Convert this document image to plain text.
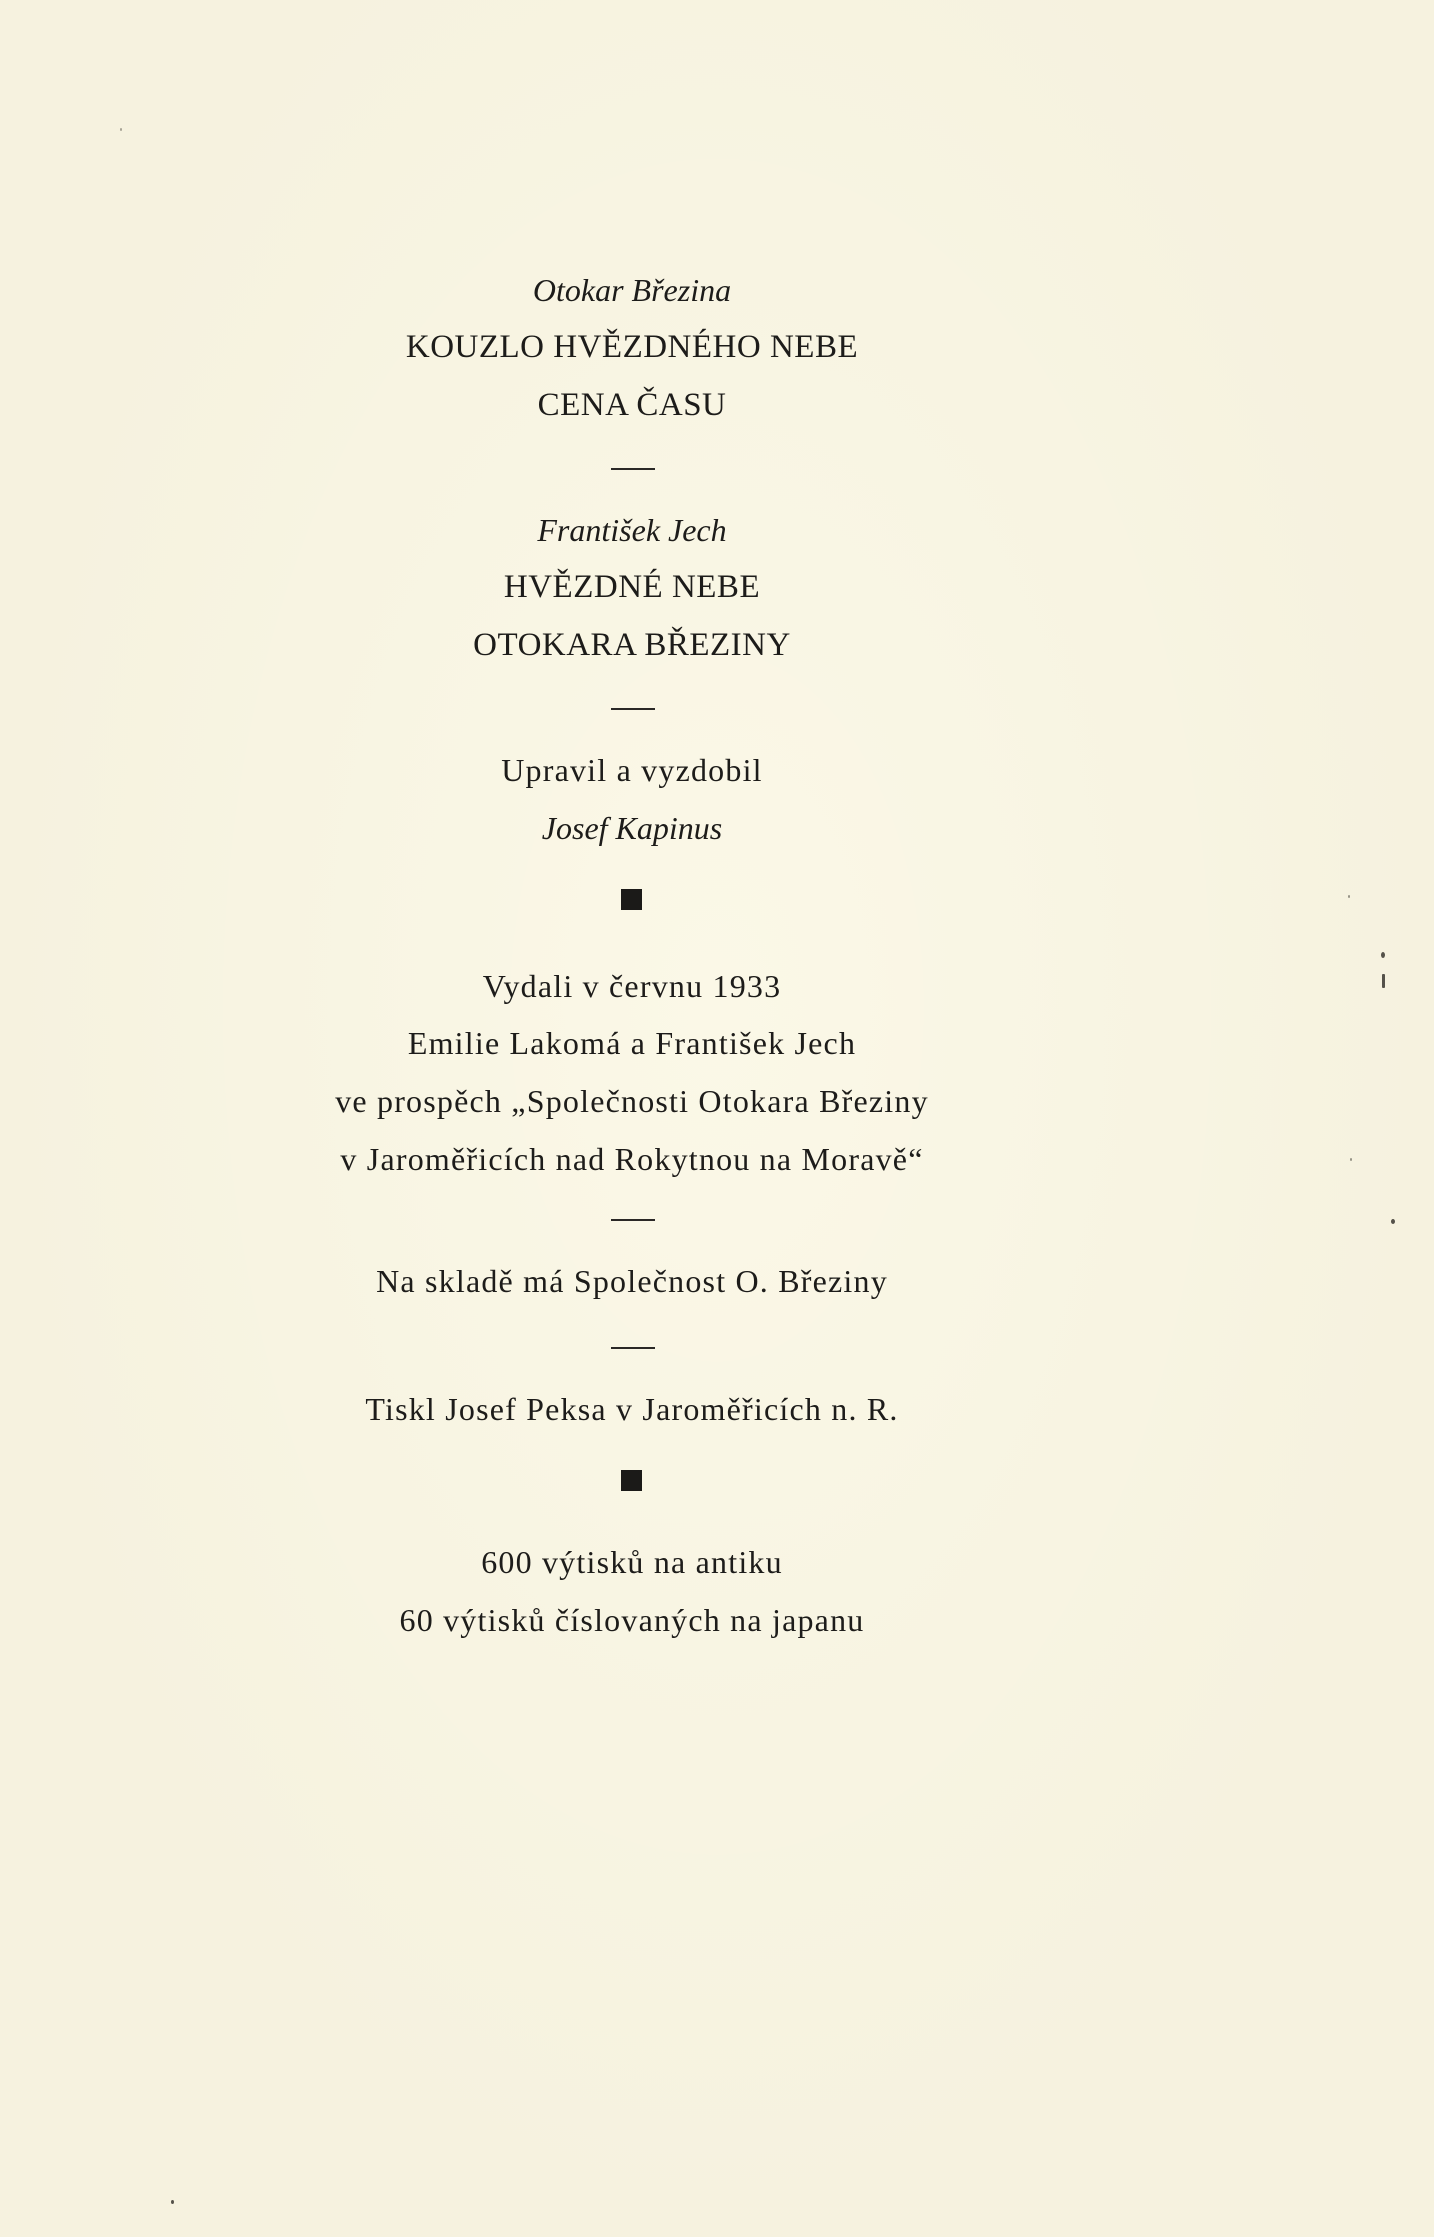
Otokar Březina
KOUZLO HVĚZDNÉHO NEBE
CENA ČASU
František Jech
HVĚZDNÉ NEBE
OTOKARA BŘEZINY
Upravil a vyzdobil
Josef Kapinus
Vydali v červnu 1933
Emilie Lakomá a František Jech
ve prospěch „Společnosti Otokara Březiny
v Jaroměřicích nad Rokytnou na Moravě“
Na skladě má Společnost O. Březiny
Tiskl Josef Peksa v Jaroměřicích n. R.
600 výtisků na antiku
60 výtisků číslovaných na japanu
